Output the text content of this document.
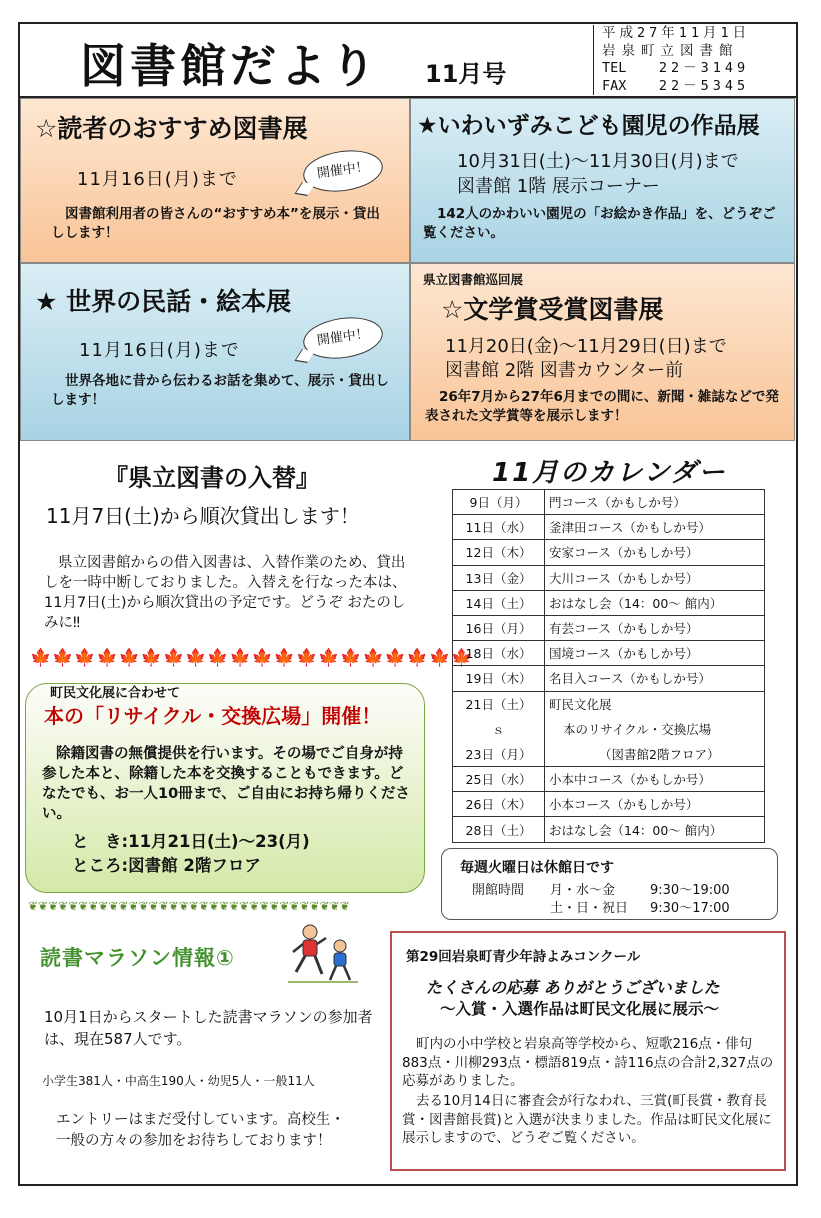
図書館だより 11月号
平成27年11月1日
岩泉町立図書館
TEL 22－3149
FAX 22－5345
☆読者のおすすめ図書展
11月16日(月)まで	開催中！
図書館利用者の皆さんの“おすすめ本”を展示・貸出しします！
★いわいずみこども園児の作品展
10月31日(土)～11月30日(月)まで
図書館 1階 展示コーナー
142人のかわいい園児の「お絵かき作品」を、どうぞご覧ください。
★ 世界の民話・絵本展
11月16日(月)まで
開催中！
世界各地に昔から伝わるお話を集めて、展示・貸出しします！
県立図書館巡回展
☆文学賞受賞図書展
11月20日(金)～11月29日(日)まで
図書館 2階 図書カウンター前
26年7月から27年6月までの間に、新聞・雑誌などで発表された文学賞等を展示します！
『県立図書の入替』
11月7日(土)から順次貸出します！
県立図書館からの借入図書は、入替作業のため、貸出しを一時中断しておりました。入替えを行なった本は、11月7日(土)から順次貸出の予定です。どうぞ おたのしみに‼
🍁🍁🍁🍁🍁🍁🍁🍁🍁🍁🍁🍁🍁🍁🍁🍁🍁🍁🍁🍁
町民文化展に合わせて
本の「リサイクル・交換広場」開催！
除籍図書の無償提供を行います。その場でご自身が持参した本と、除籍した本を交換することもできます。どなたでも、お一人10冊まで、ご自由にお持ち帰りください。
と　き:11月21日(土)～23(月)
ところ:図書館 2階フロア
❦❦❦❦❦❦❦❦❦❦❦❦❦❦❦❦❦❦❦❦❦❦❦❦❦❦❦❦❦❦❦❦
11月のカレンダー
9日（月）	門コース（かもしか号）
11日（水）	釜津田コース（かもしか号）
12日（木）	安家コース（かもしか号）
13日（金）	大川コース（かもしか号）
14日（土）	おはなし会（14：00～ 館内）
16日（月）	有芸コース（かもしか号）
18日（水）	国境コース（かもしか号）
19日（木）	名目入コース（かもしか号）
21日（土）	町民文化展
ｓ	本のリサイクル・交換広場
23日（月）	（図書館2階フロア）
25日（水）	小本中コース（かもしか号）
26日（木）	小本コース（かもしか号）
28日（土）	おはなし会（14：00～ 館内）
毎週火曜日は休館日です
開館時間 月・水～金	9:30～19:00
土・日・祝日 9:30～17:00
読書マラソン情報①
10月1日からスタートした読書マラソンの参加者は、現在587人です。
小学生381人・中高生190人・幼児5人・一般11人
エントリーはまだ受付しています。高校生・一般の方々の参加をお待ちしております！
第29回岩泉町青少年詩よみコンクール
たくさんの応募 ありがとうございました
～入賞・入選作品は町民文化展に展示～
町内の小中学校と岩泉高等学校から、短歌216点・俳句883点・川柳293点・標語819点・詩116点の合計2,327点の応募がありました。
去る10月14日に審査会が行なわれ、三賞(町長賞・教育長賞・図書館長賞)と入選が決まりました。作品は町民文化展に展示しますので、どうぞご覧ください。
